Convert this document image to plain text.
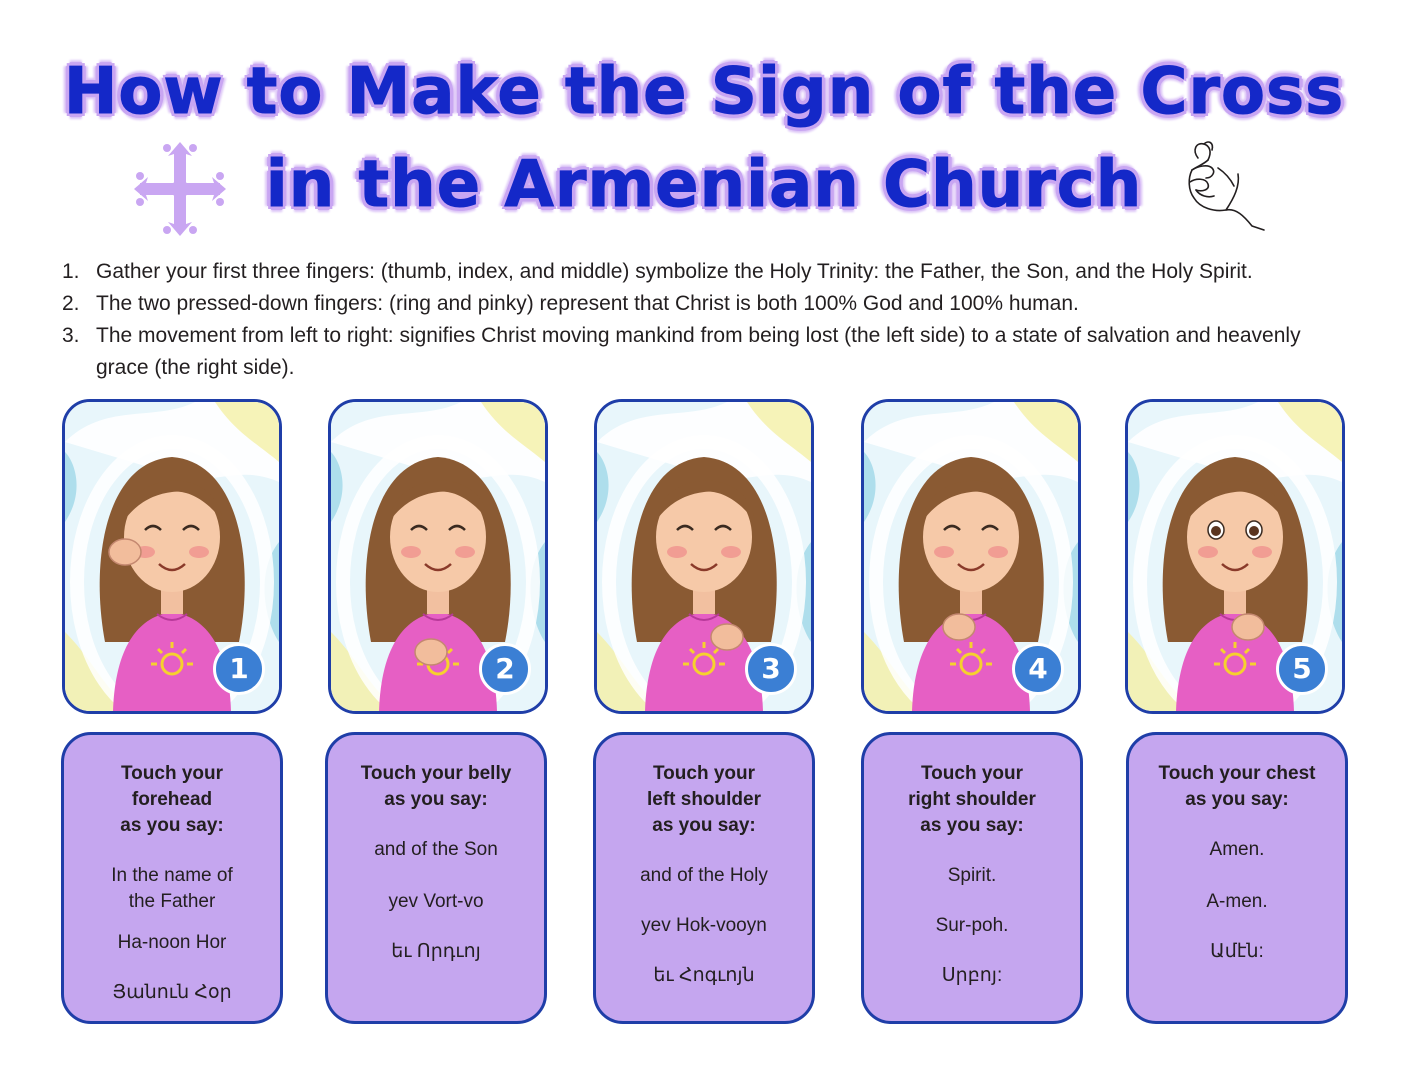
How to Make the Sign of the Cross
in the Armenian Church
1. Gather your first three fingers: (thumb, index, and middle) symbolize the Holy Trinity: the Father, the Son, and the Holy Spirit.
2. The two pressed-down fingers: (ring and pinky) represent that Christ is both 100% God and 100% human.
3. The movement from left to right: signifies Christ moving mankind from being lost (the left side) to a state of salvation and heavenly grace (the right side).
1
Touch your
forehead
as you say:
In the name of
the Father
Ha-noon Hor
Յանուն Հօր
2
Touch your belly
as you say:
and of the Son
yev Vort-vo
եւ Որդւոյ
3
Touch your
left shoulder
as you say:
and of the Holy
yev Hok-vooyn
եւ Հոգւոյն
4
Touch your
right shoulder
as you say:
Spirit.
Sur-poh.
Սրբոյ:
5
Touch your chest
as you say:
Amen.
A-men.
Ամէն:
